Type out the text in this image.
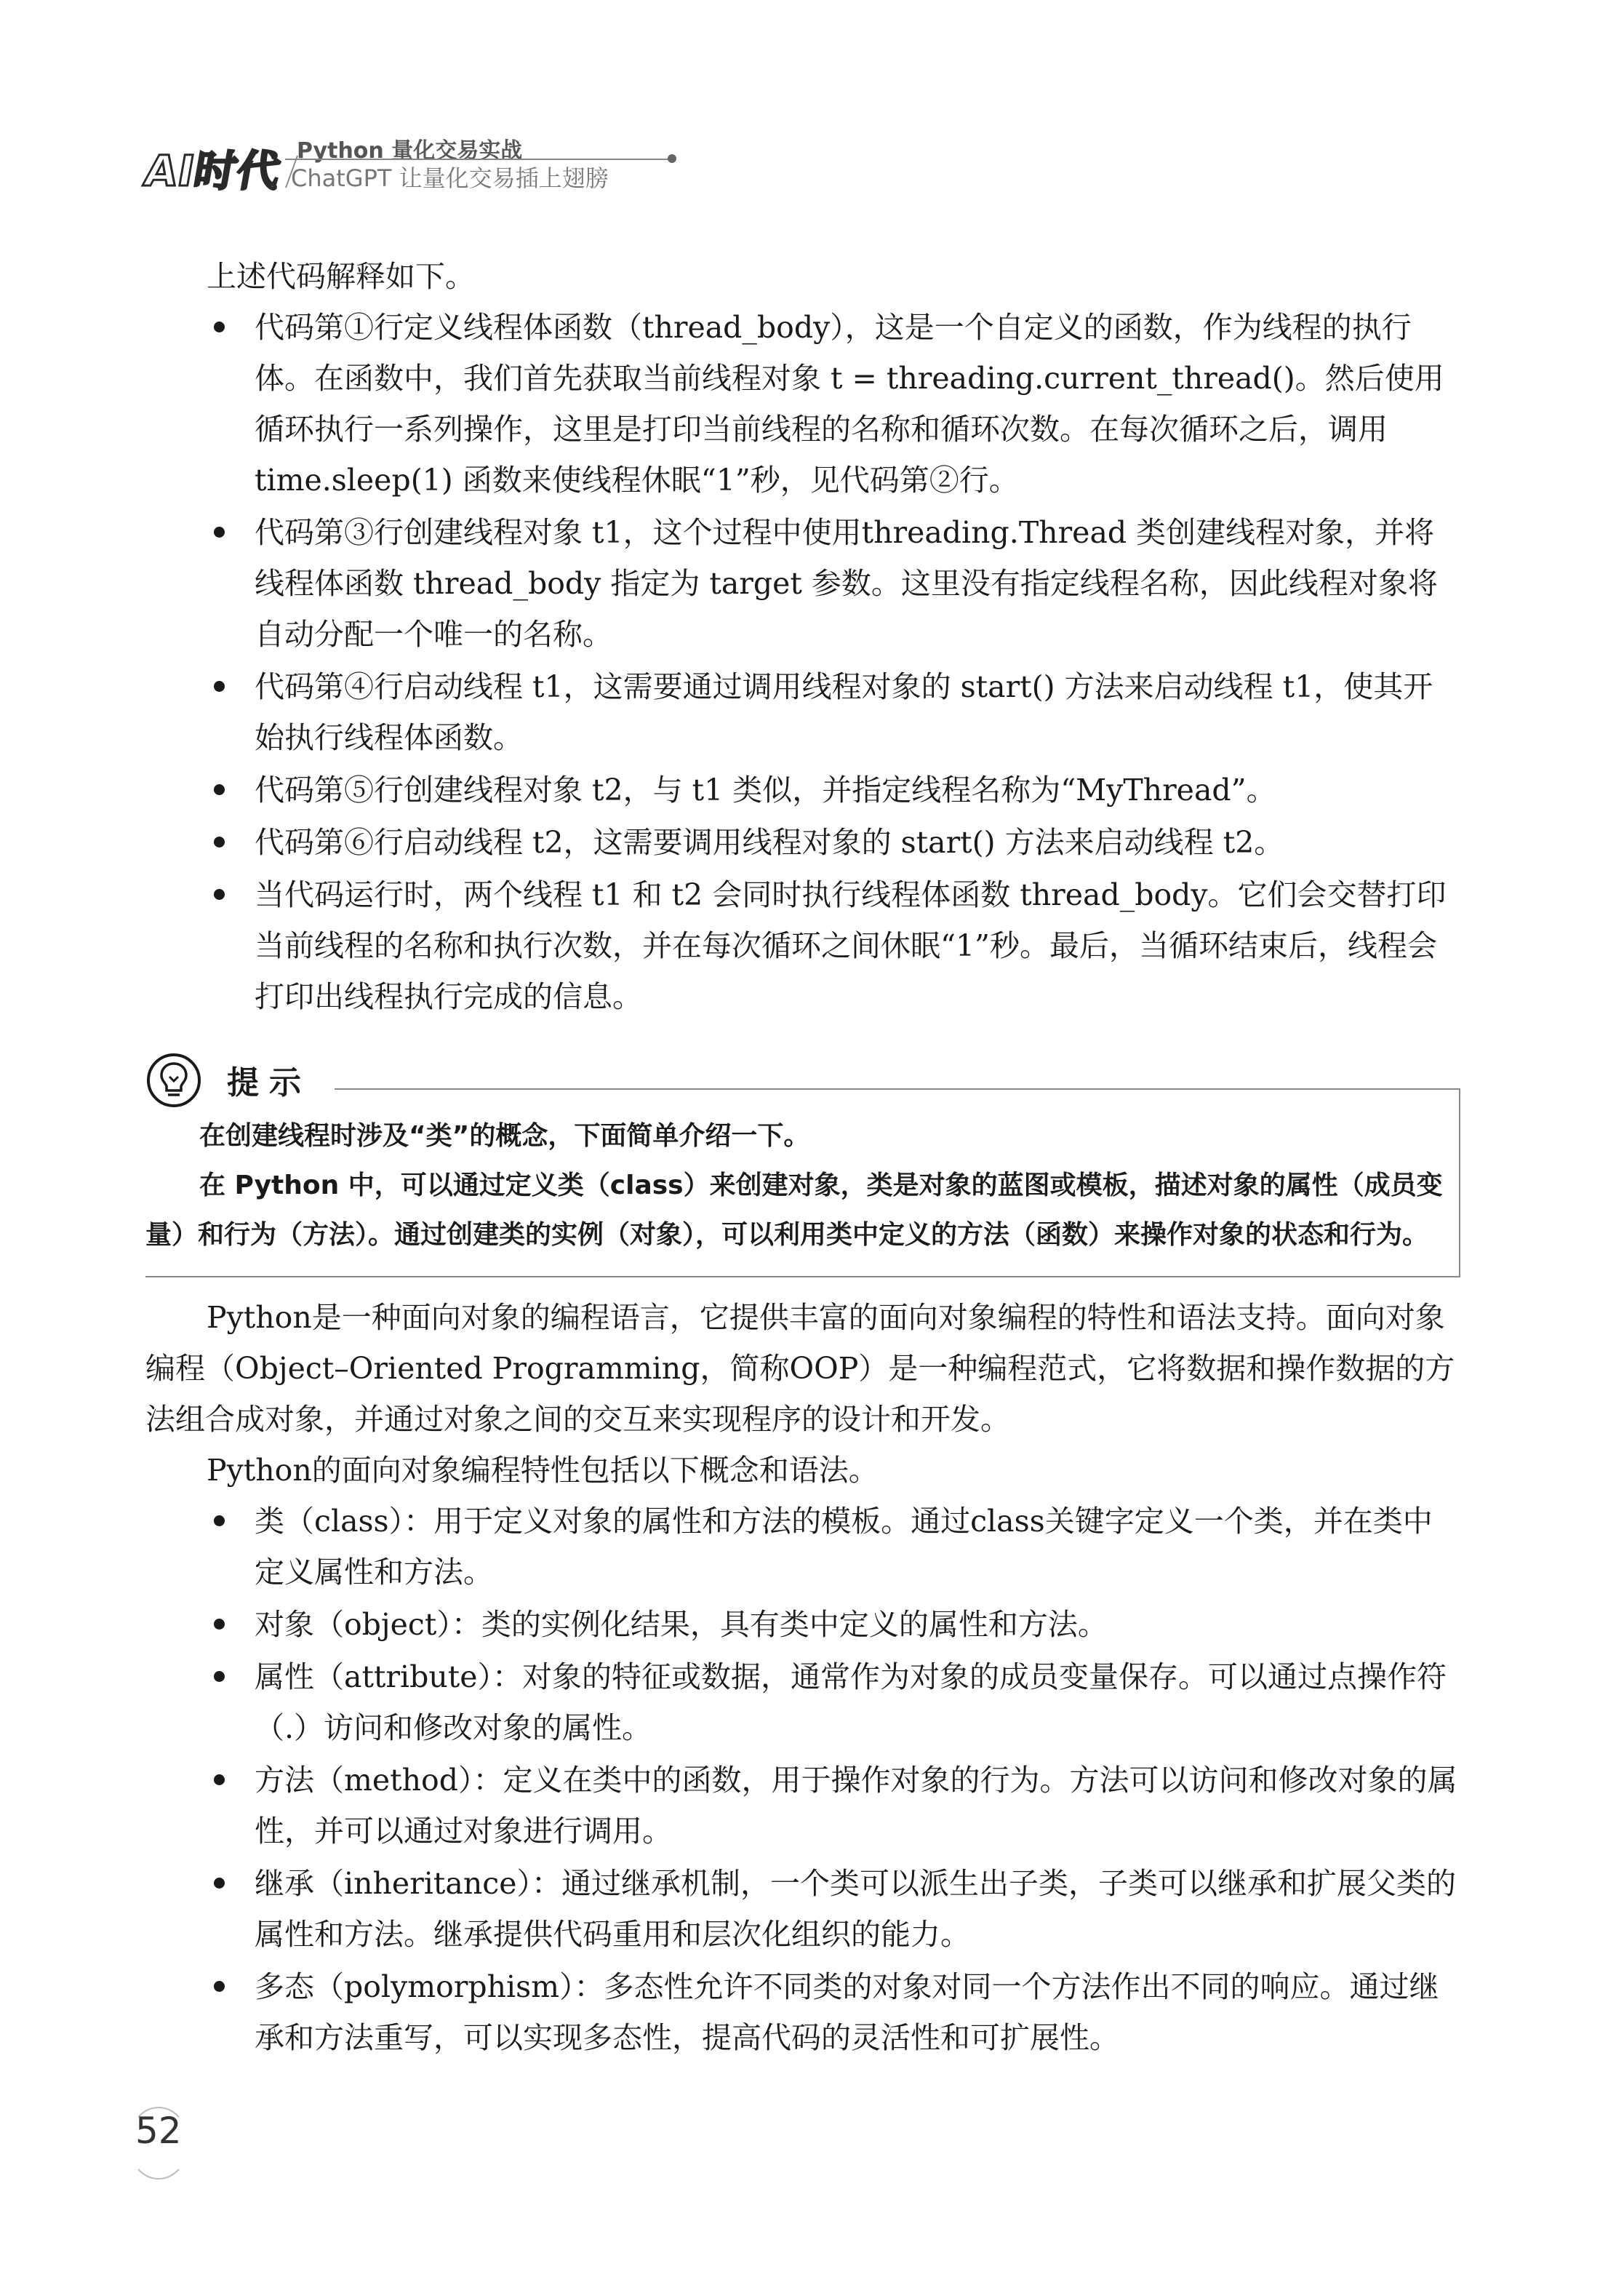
AI时代 Python 量化交易实战
ChatGPT 让量化交易插上翅膀

上述代码解释如下。

代码第①行定义线程体函数（thread_body），这是一个自定义的函数，作为线程的执行体。在函数中，我们首先获取当前线程对象 t = threading.current_thread()。然后使用循环执行一系列操作，这里是打印当前线程的名称和循环次数。在每次循环之后，调用 time.sleep(1) 函数来使线程休眠“1”秒，见代码第②行。
代码第③行创建线程对象 t1，这个过程中使用threading.Thread 类创建线程对象，并将线程体函数 thread_body 指定为 target 参数。这里没有指定线程名称，因此线程对象将自动分配一个唯一的名称。
代码第④行启动线程 t1，这需要通过调用线程对象的 start() 方法来启动线程 t1，使其开始执行线程体函数。
代码第⑤行创建线程对象 t2，与 t1 类似，并指定线程名称为“MyThread”。
代码第⑥行启动线程 t2，这需要调用线程对象的 start() 方法来启动线程 t2。
当代码运行时，两个线程 t1 和 t2 会同时执行线程体函数 thread_body。它们会交替打印当前线程的名称和执行次数，并在每次循环之间休眠“1”秒。最后，当循环结束后，线程会打印出线程执行完成的信息。
提示

在创建线程时涉及“类”的概念，下面简单介绍一下。

在 Python 中，可以通过定义类（class）来创建对象，类是对象的蓝图或模板，描述对象的属性（成员变量）和行为（方法）。通过创建类的实例（对象），可以利用类中定义的方法（函数）来操作对象的状态和行为。

Python是一种面向对象的编程语言，它提供丰富的面向对象编程的特性和语法支持。面向对象编程（Object–Oriented Programming，简称OOP）是一种编程范式，它将数据和操作数据的方法组合成对象，并通过对象之间的交互来实现程序的设计和开发。

Python的面向对象编程特性包括以下概念和语法。

类（class）：用于定义对象的属性和方法的模板。通过class关键字定义一个类，并在类中定义属性和方法。
对象（object）：类的实例化结果，具有类中定义的属性和方法。
属性（attribute）：对象的特征或数据，通常作为对象的成员变量保存。可以通过点操作符（.）访问和修改对象的属性。
方法（method）：定义在类中的函数，用于操作对象的行为。方法可以访问和修改对象的属性，并可以通过对象进行调用。
继承（inheritance）：通过继承机制，一个类可以派生出子类，子类可以继承和扩展父类的属性和方法。继承提供代码重用和层次化组织的能力。
多态（polymorphism）：多态性允许不同类的对象对同一个方法作出不同的响应。通过继承和方法重写，可以实现多态性，提高代码的灵活性和可扩展性。
52
